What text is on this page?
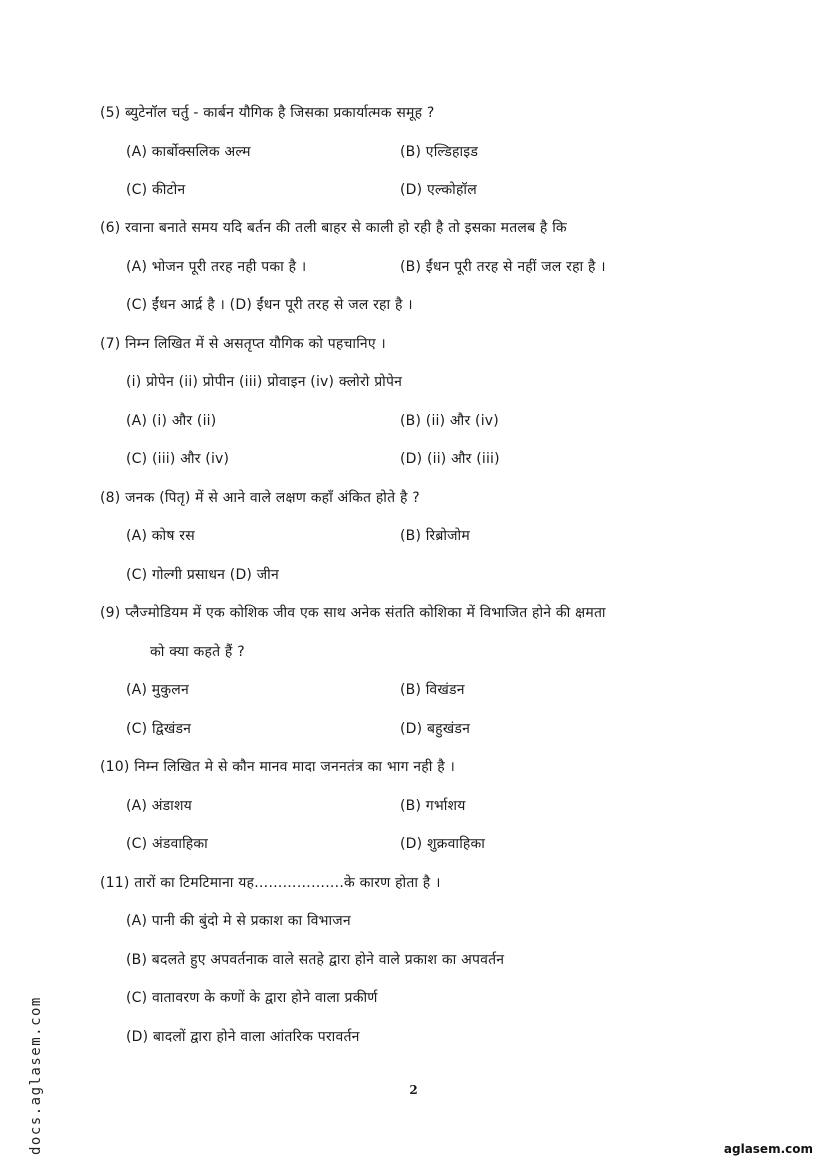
(5) ब्युटेनॉल चर्तु - कार्बन यौगिक है जिसका प्रकार्यात्मक समूह ?
(A) कार्बोक्सलिक अल्म	(B) एल्डिहाइड
(C) कीटोन	(D) एल्कोहॉल
(6) रवाना बनाते समय यदि बर्तन की तली बाहर से काली हो रही है तो इसका मतलब है कि
(A) भोजन पूरी तरह नही पका है ।	(B) ईंधन पूरी तरह से नहीं जल रहा है ।
(C) ईंधन आर्द्र है । (D) ईंधन पूरी तरह से जल रहा है ।
(7) निम्न लिखित में से असतृप्त यौगिक को पहचानिए ।
(i) प्रोपेन (ii) प्रोपीन (iii) प्रोवाइन (iv) क्लोरो प्रोपेन
(A) (i) और (ii)	(B) (ii) और (iv)
(C) (iii) और (iv)	(D) (ii) और (iii)
(8) जनक (पितृ) में से आने वाले लक्षण कहाँ अंकित होते है ?
(A) कोष रस	(B) रिब्रोजोम
(C) गोल्गी प्रसाधन (D) जीन
(9) प्लैज्मोडियम में एक कोशिक जीव एक साथ अनेक संतति कोशिका में विभाजित होने की क्षमता
को क्या कहते हैं ?
(A) मुकुलन	(B) विखंडन
(C) द्विखंडन	(D) बहुखंडन
(10) निम्न लिखित मे से कौन मानव मादा जननतंत्र का भाग नही है ।
(A) अंडाशय	(B) गर्भाशय
(C) अंडवाहिका	(D) शुक्रवाहिका
(11) तारों का टिमटिमाना यह……………….के कारण होता है ।
(A) पानी की बुंदो मे से प्रकाश का विभाजन
(B) बदलते हुए अपवर्तनाक वाले सतहे द्वारा होने वाले प्रकाश का अपवर्तन
(C) वातावरण के कणों के द्वारा होने वाला प्रकीर्ण
(D) बादलों द्वारा होने वाला आंतरिक परावर्तन
2
aglasem.com
docs.aglasem.com
